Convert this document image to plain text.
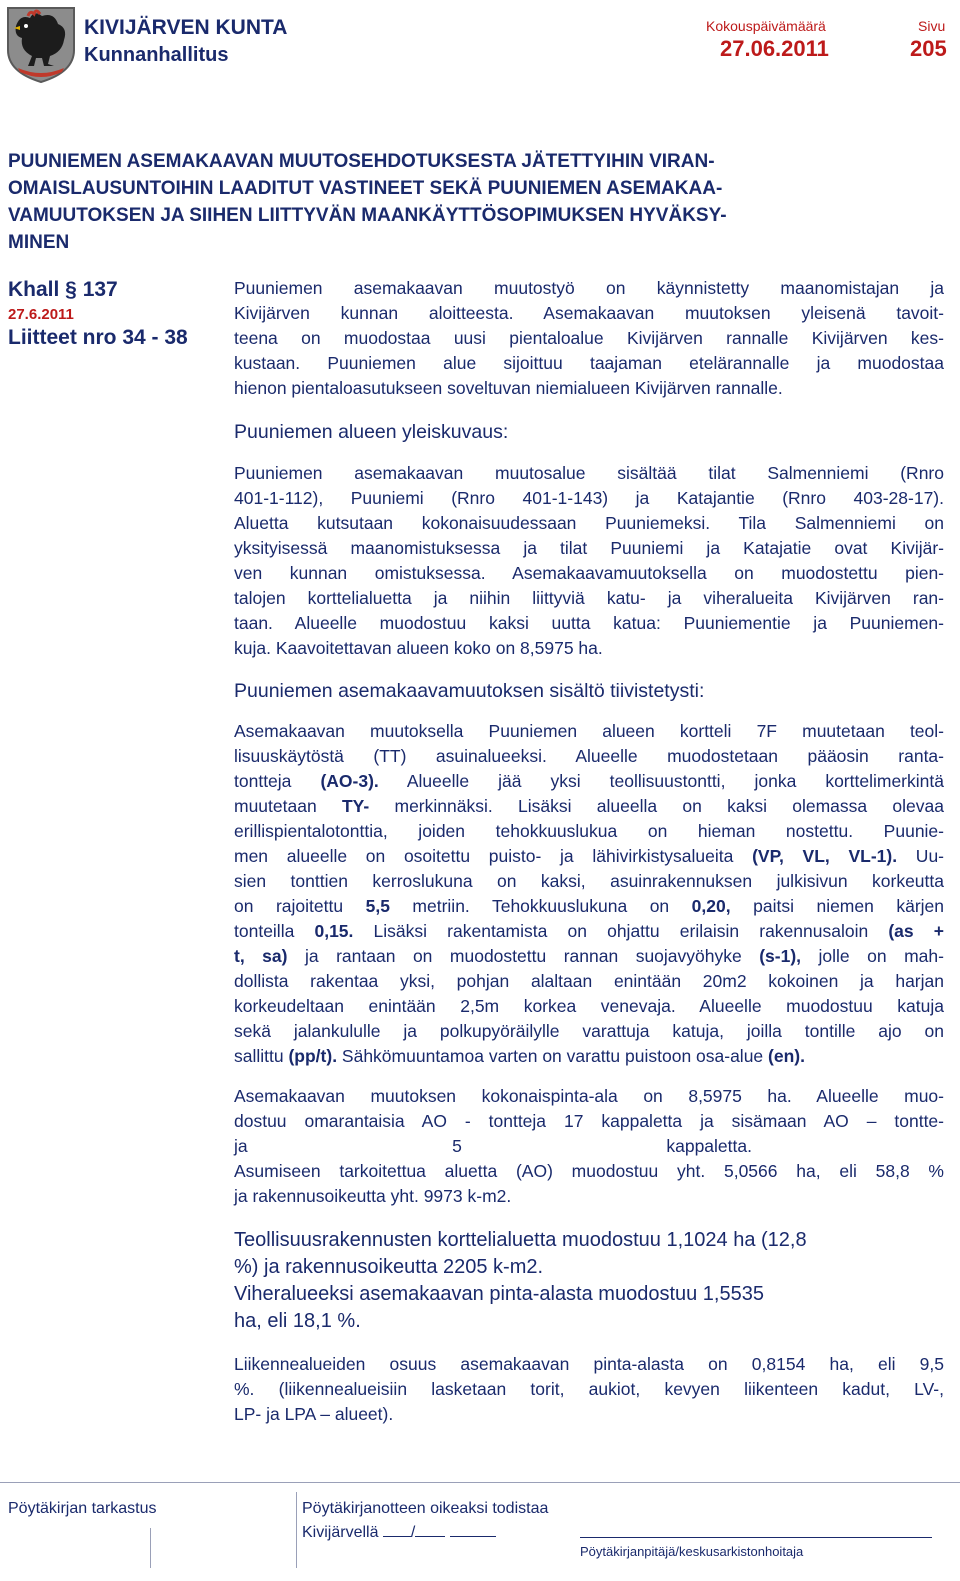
KIVIJÄRVEN KUNTA
Kunnanhallitus
Kokouspäivämäärä
27.06.2011
Sivu
205
PUUNIEMEN ASEMAKAAVAN MUUTOSEHDOTUKSESTA JÄTETTYIHIN VIRAN-
OMAISLAUSUNTOIHIN LAADITUT VASTINEET SEKÄ PUUNIEMEN ASEMAKAA-
VAMUUTOKSEN JA SIIHEN LIITTYVÄN MAANKÄYTTÖSOPIMUKSEN HYVÄKSY-
MINEN
Khall § 137
27.6.2011
Liitteet nro 34 - 38
Puuniemen asemakaavan muutostyö on käynnistetty maanomistajan ja
Kivijärven kunnan aloitteesta. Asemakaavan muutoksen yleisenä tavoit-
teena on muodostaa uusi pientaloalue Kivijärven rannalle Kivijärven kes-
kustaan. Puuniemen alue sijoittuu taajaman etelärannalle ja muodostaa
hienon pientaloasutukseen soveltuvan niemialueen Kivijärven rannalle.
Puuniemen alueen yleiskuvaus:
Puuniemen asemakaavan muutosalue sisältää tilat Salmenniemi (Rnro
401-1-112), Puuniemi (Rnro 401-1-143) ja Katajantie (Rnro 403-28-17).
Aluetta kutsutaan kokonaisuudessaan Puuniemeksi. Tila Salmenniemi on
yksityisessä maanomistuksessa ja tilat Puuniemi ja Katajatie ovat Kivijär-
ven kunnan omistuksessa. Asemakaavamuutoksella on muodostettu pien-
talojen korttelialuetta ja niihin liittyviä katu- ja viheralueita Kivijärven ran-
taan. Alueelle muodostuu kaksi uutta katua: Puuniementie ja Puuniemen-
kuja. Kaavoitettavan alueen koko on 8,5975 ha.
Puuniemen asemakaavamuutoksen sisältö tiivistetysti:
Asemakaavan muutoksella Puuniemen alueen kortteli 7F muutetaan teol-
lisuuskäytöstä (TT) asuinalueeksi. Alueelle muodostetaan pääosin ranta-
tontteja (AO-3). Alueelle jää yksi teollisuustontti, jonka korttelimerkintä
muutetaan TY- merkinnäksi. Lisäksi alueella on kaksi olemassa olevaa
erillispientalotonttia, joiden tehokkuuslukua on hieman nostettu. Puunie-
men alueelle on osoitettu puisto- ja lähivirkistysalueita (VP, VL, VL-1). Uu-
sien tonttien kerroslukuna on kaksi, asuinrakennuksen julkisivun korkeutta
on rajoitettu 5,5 metriin. Tehokkuuslukuna on 0,20, paitsi niemen kärjen
tonteilla 0,15. Lisäksi rakentamista on ohjattu erilaisin rakennusaloin (as +
t, sa) ja rantaan on muodostettu rannan suojavyöhyke (s-1), jolle on mah-
dollista rakentaa yksi, pohjan alaltaan enintään 20m2 kokoinen ja harjan
korkeudeltaan enintään 2,5m korkea venevaja. Alueelle muodostuu katuja
sekä jalankululle ja polkupyöräilylle varattuja katuja, joilla tontille ajo on
sallittu (pp/t). Sähkömuuntamoa varten on varattu puistoon osa-alue (en).
Asemakaavan muutoksen kokonaispinta-ala on 8,5975 ha. Alueelle muo-
dostuu omarantaisia AO - tontteja 17 kappaletta ja sisämaan AO – tontte-
ja	5	kappaletta.
Asumiseen tarkoitettua aluetta (AO) muodostuu yht. 5,0566 ha, eli 58,8 %
ja rakennusoikeutta yht. 9973 k-m2.
Teollisuusrakennusten korttelialuetta muodostuu 1,1024 ha (12,8
%) ja rakennusoikeutta 2205 k-m2.
Viheralueeksi asemakaavan pinta-alasta muodostuu 1,5535
ha, eli 18,1 %.
Liikennealueiden osuus asemakaavan pinta-alasta on 0,8154 ha, eli 9,5
%. (liikennealueisiin lasketaan torit, aukiot, kevyen liikenteen kadut, LV-,
LP- ja LPA – alueet).
Pöytäkirjan tarkastus	Pöytäkirjanotteen oikeaksi todistaa
Kivijärvellä /
Pöytäkirjanpitäjä/keskusarkistonhoitaja
